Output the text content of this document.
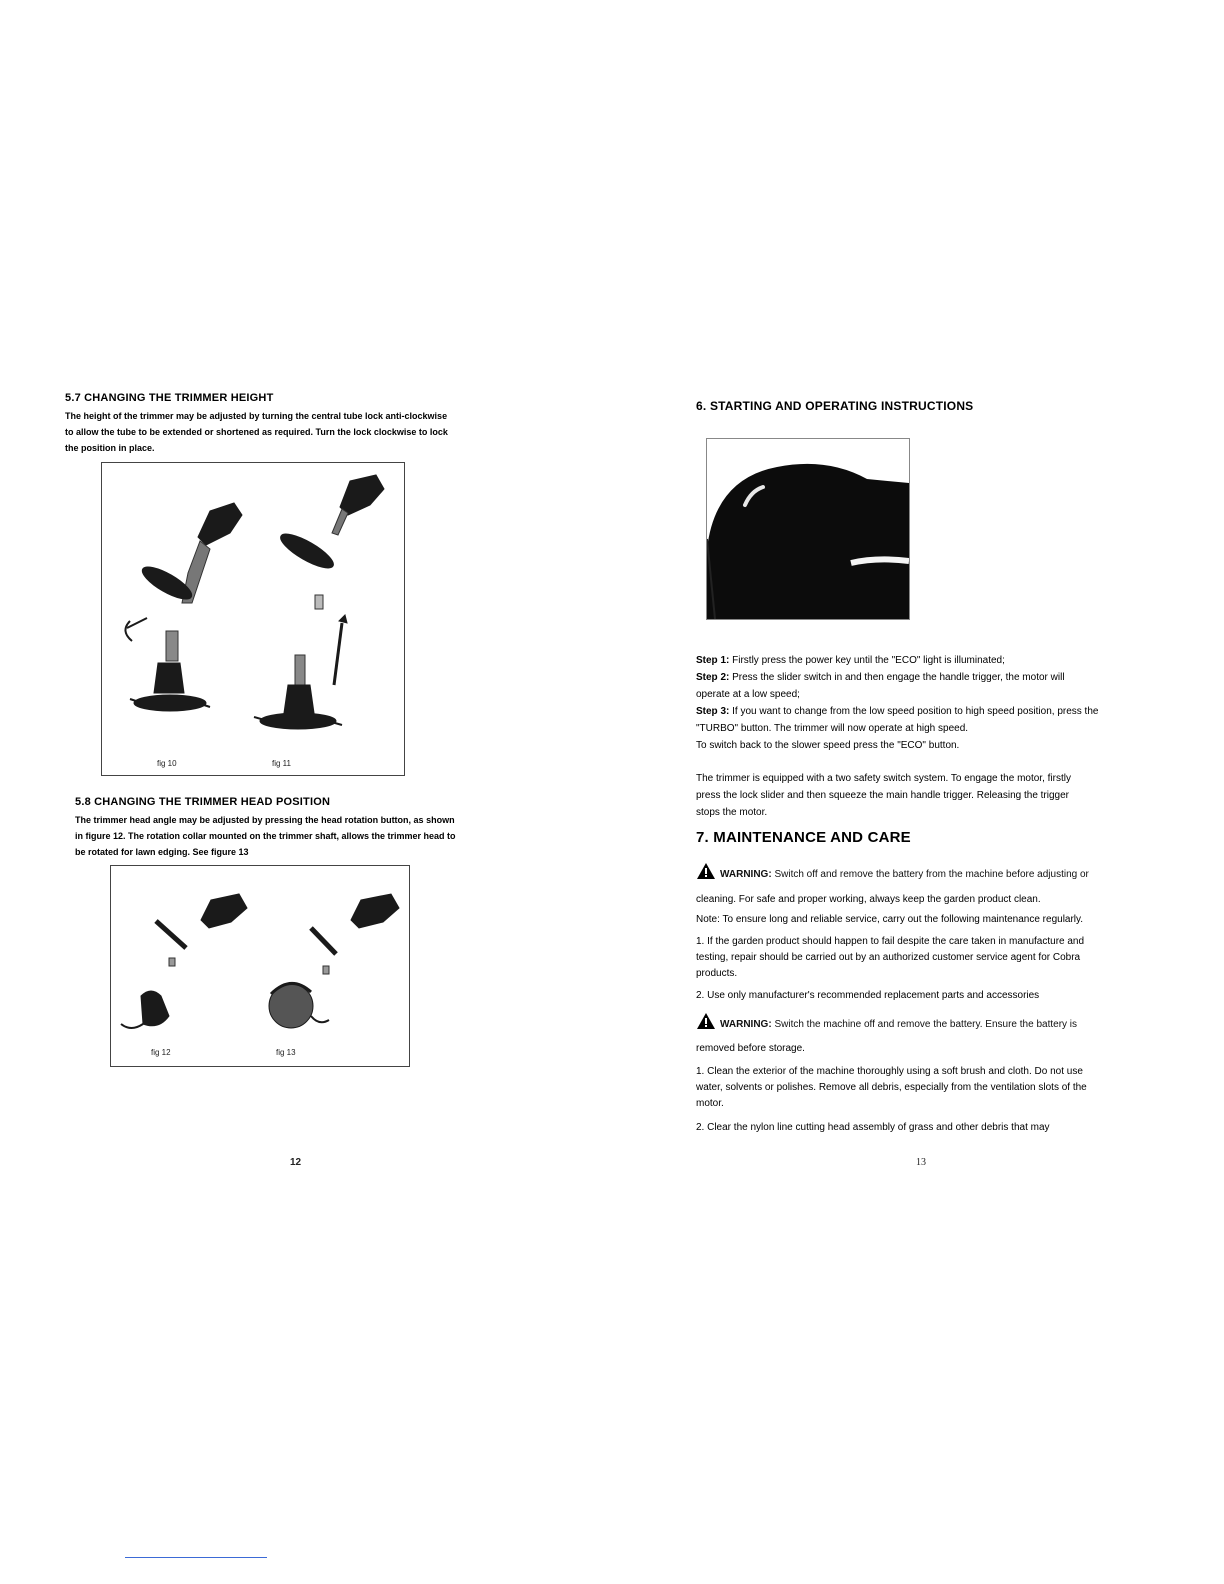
5.7 CHANGING THE TRIMMER HEIGHT

The height of the trimmer may be adjusted by turning the central tube lock anti-clockwise

to allow the tube to be extended or shortened as required. Turn the lock clockwise to lock

the position in place.

fig 10	fig 11
5.8 CHANGING THE TRIMMER HEAD POSITION

The trimmer head angle may be adjusted by pressing the head rotation button, as shown

in figure 12. The rotation collar mounted on the trimmer shaft, allows the trimmer head to

be rotated for lawn edging. See figure 13

fig 12	fig 13
12
6. STARTING AND OPERATING INSTRUCTIONS
Step 1: Firstly press the power key until the "ECO" light is illuminated;
Step 2: Press the slider switch in and then engage the handle trigger, the motor will
operate at a low speed;
Step 3: If you want to change from the low speed position to high speed position, press the
"TURBO" button. The trimmer will now operate at high speed.
To switch back to the slower speed press the "ECO" button.

The trimmer is equipped with a two safety switch system. To engage the motor, firstly

press the lock slider and then squeeze the main handle trigger. Releasing the trigger

stops the motor.

7. MAINTENANCE AND CARE
WARNING: Switch off and remove the battery from the machine before adjusting or

cleaning. For safe and proper working, always keep the garden product clean.

Note: To ensure long and reliable service, carry out the following maintenance regularly.

1. If the garden product should happen to fail despite the care taken in manufacture and

testing, repair should be carried out by an authorized customer service agent for Cobra

products.

2. Use only manufacturer's recommended replacement parts and accessories
WARNING: Switch the machine off and remove the battery. Ensure the battery is
removed before storage.

1. Clean the exterior of the machine thoroughly using a soft brush and cloth. Do not use

water, solvents or polishes. Remove all debris, especially from the ventilation slots of the

motor.

2. Clear the nylon line cutting head assembly of grass and other debris that may
13
